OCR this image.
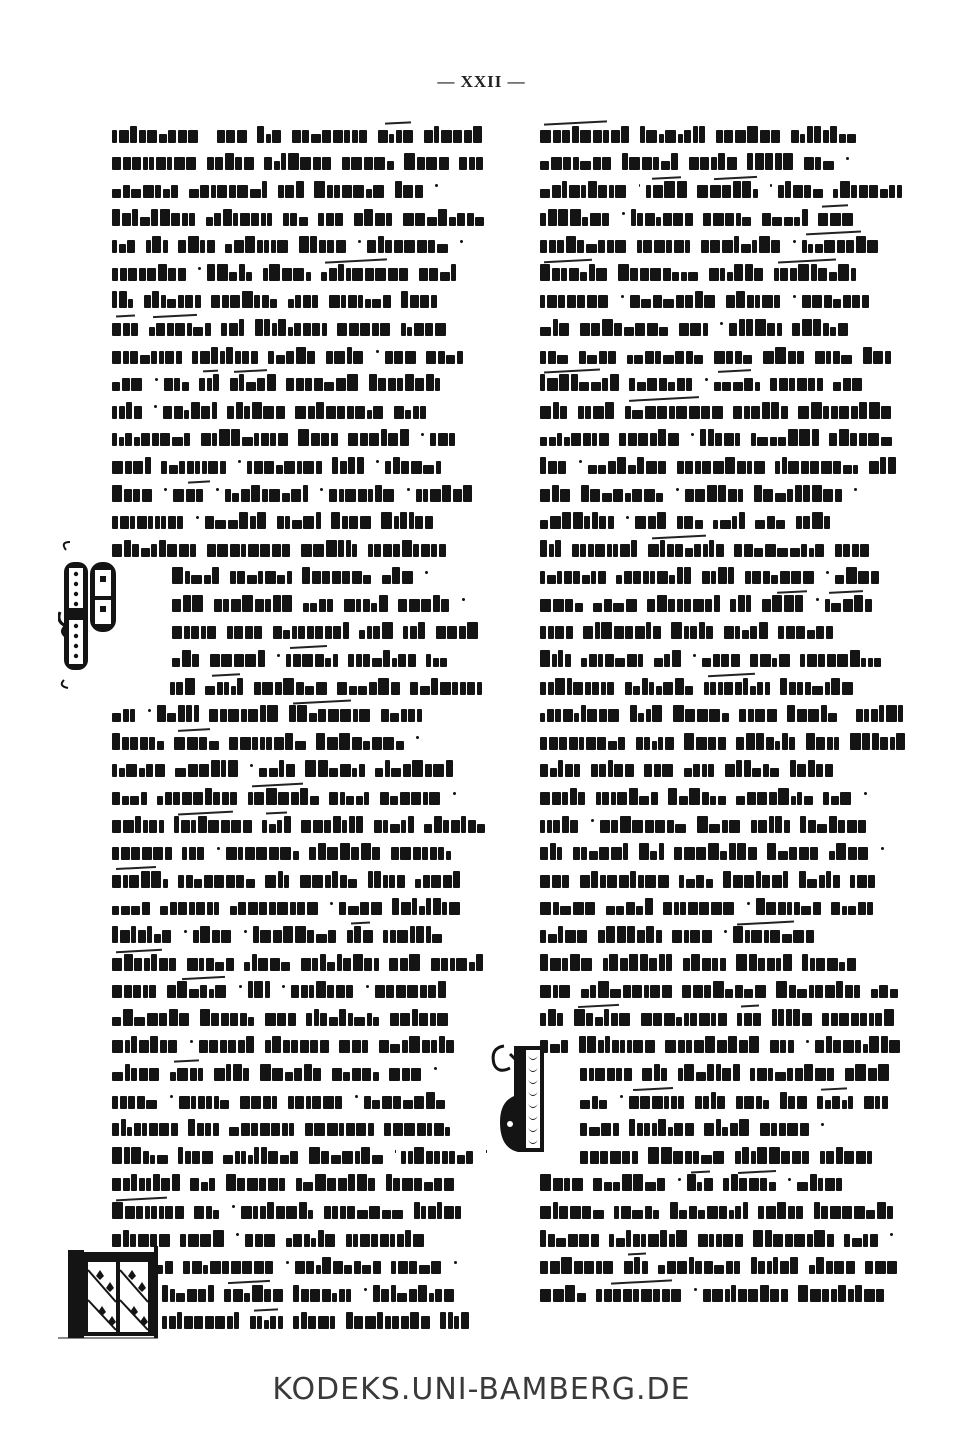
— XXII —
KODEKS.UNI-BAMBERG.DE
